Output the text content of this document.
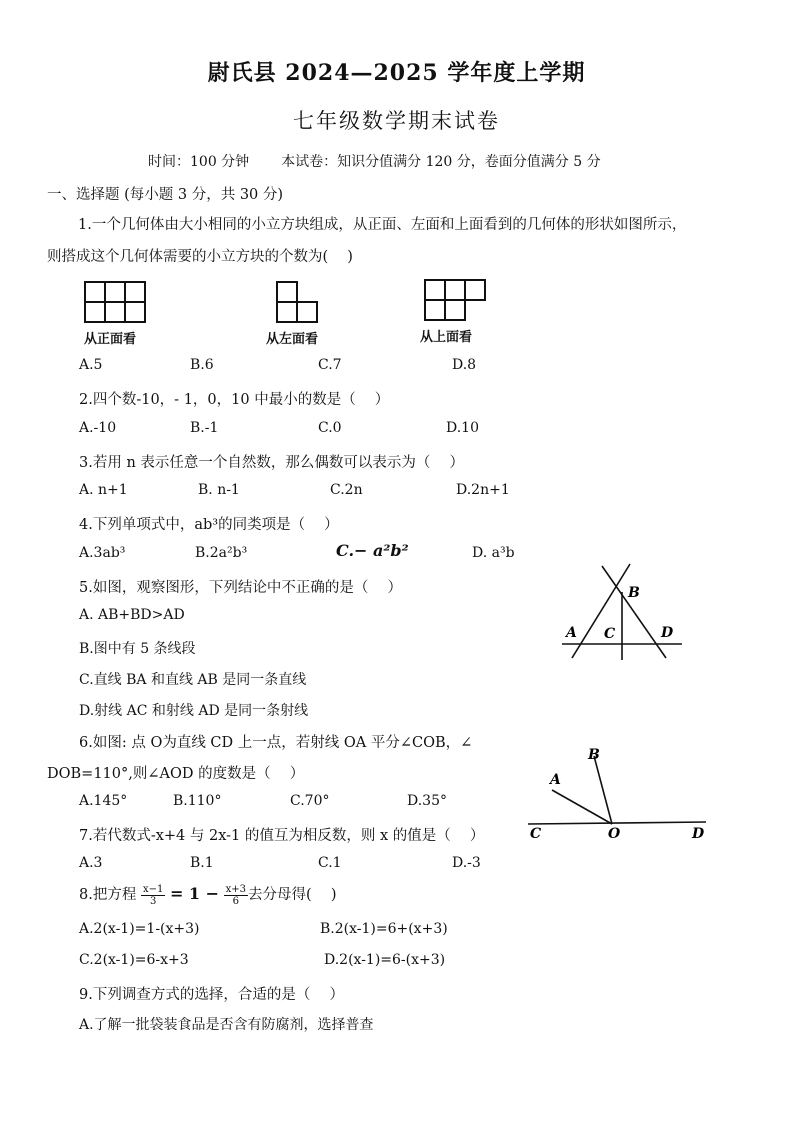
尉氏县 2024—2025 学年度上学期
七年级数学期末试卷
时间：100 分钟 本试卷：知识分值满分 120 分，卷面分值满分 5 分
一、选择题 (每小题 3 分，共 30 分)
1.一个几何体由大小相同的小立方块组成，从正面、左面和上面看到的几何体的形状如图所示，
则搭成这个几何体需要的小立方块的个数为(　 )
从正面看	从左面看	从上面看
A.5	B.6	C.7	D.8
2.四个数-10，- 1，0，10 中最小的数是（　 ）
A.-10	B.-1	C.0	D.10
3.若用 n 表示任意一个自然数，那么偶数可以表示为（　 ）
A. n+1	B. n-1	C.2n	D.2n+1
4.下列单项式中，ab³的同类项是（　 ）
A.3ab³	B.2a²b³	C.− a²b²	D. a³b
5.如图，观察图形，下列结论中不正确的是（　 ）
A. AB+BD>AD
B.图中有 5 条线段
C.直线 BA 和直线 AB 是同一条直线
D.射线 AC 和射线 AD 是同一条射线
A C
B
D
6.如图: 点 O为直线 CD 上一点，若射线 OA 平分∠COB，∠
DOB=110°,则∠AOD 的度数是（　 ）
A.145°	B.110°	C.70°	D.35°
A
B
C	O	D
7.若代数式-x+4 与 2x-1 的值互为相反数，则 x 的值是（　 ）
A.3	B.1	C.1	D.-3
8.把方程 $\frac{x-1}{3} = 1 - \frac{x+3}{6}$ 去分母得(　 )
A.2(x-1)=1-(x+3)	B.2(x-1)=6+(x+3)
C.2(x-1)=6-x+3	D.2(x-1)=6-(x+3)
9.下列调查方式的选择，合适的是（　 ）
A.了解一批袋装食品是否含有防腐剂，选择普查
